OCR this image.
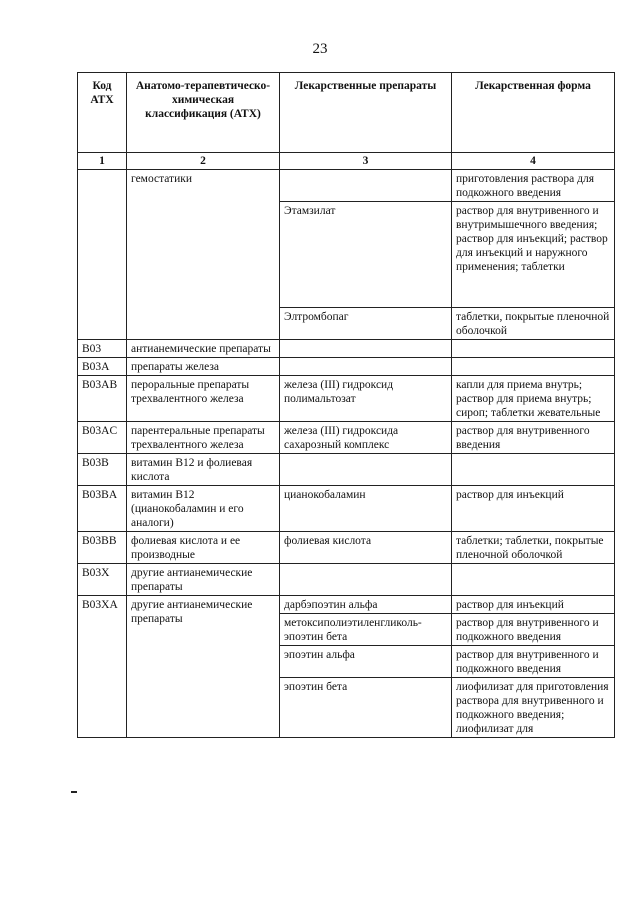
23
Код АТХ	Анатомо-терапевтическо-химическая классификация (АТХ)	Лекарственные препараты	Лекарственная форма
1	2	3	4
	гемостатики		приготовления раствора для подкожного введения
		Этамзилат	раствор для внутривенного и внутримышечного введения; раствор для инъекций; раствор для инъекций и наружного применения; таблетки
		Элтромбопаг	таблетки, покрытые пленочной оболочкой
B03	антианемические препараты		
B03A	препараты железа		
B03AB	пероральные препараты трехвалентного железа	железа (III) гидроксид полимальтозат	капли для приема внутрь; раствор для приема внутрь; сироп; таблетки жевательные
B03AC	парентеральные препараты трехвалентного железа	железа (III) гидроксида сахарозный комплекс	раствор для внутривенного введения
B03B	витамин B12 и фолиевая кислота		
B03BA	витамин B12 (цианокобаламин и его аналоги)	цианокобаламин	раствор для инъекций
B03BB	фолиевая кислота и ее производные	фолиевая кислота	таблетки; таблетки, покрытые пленочной оболочкой
B03X	другие антианемические препараты		
B03XA	другие антианемические препараты	дарбэпоэтин альфа	раствор для инъекций
		метоксиполиэтиленгликоль-эпоэтин бета	раствор для внутривенного и подкожного введения
		эпоэтин альфа	раствор для внутривенного и подкожного введения
		эпоэтин бета	лиофилизат для приготовления раствора для внутривенного и подкожного введения; лиофилизат для
